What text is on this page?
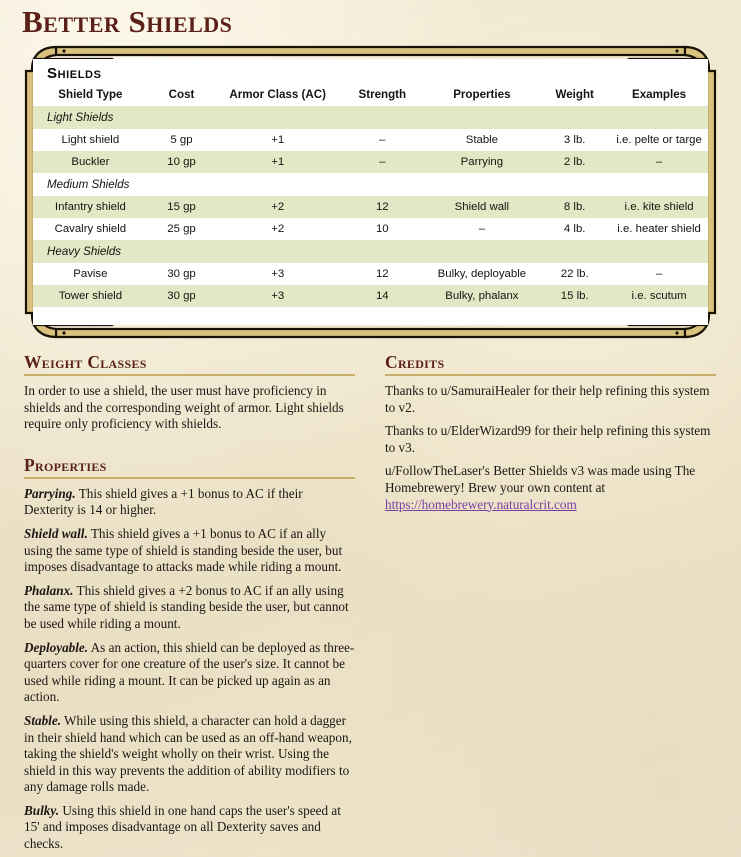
Better Shields
Shields
Shield Type	Cost	Armor Class (AC)	Strength	Properties	Weight	Examples
Light Shields						
Light shield	5 gp	+1	–	Stable	3 lb.	i.e. pelte or targe
Buckler	10 gp	+1	–	Parrying	2 lb.	–
Medium Shields						
Infantry shield	15 gp	+2	12	Shield wall	8 lb.	i.e. kite shield
Cavalry shield	25 gp	+2	10	–	4 lb.	i.e. heater shield
Heavy Shields						
Pavise	30 gp	+3	12	Bulky, deployable	22 lb.	–
Tower shield	30 gp	+3	14	Bulky, phalanx	15 lb.	i.e. scutum
Weight Classes

In order to use a shield, the user must have proficiency in shields and the corresponding weight of armor. Light shields require only proficiency with shields.

Properties

Parrying. This shield gives a +1 bonus to AC if their Dexterity is 14 or higher.

Shield wall. This shield gives a +1 bonus to AC if an ally using the same type of shield is standing beside the user, but imposes disadvantage to attacks made while riding a mount.

Phalanx. This shield gives a +2 bonus to AC if an ally using the same type of shield is standing beside the user, but cannot be used while riding a mount.

Deployable. As an action, this shield can be deployed as three-quarters cover for one creature of the user's size. It cannot be used while riding a mount. It can be picked up again as an action.

Stable. While using this shield, a character can hold a dagger in their shield hand which can be used as an off-hand weapon, taking the shield's weight wholly on their wrist. Using the shield in this way prevents the addition of ability modifiers to any damage rolls made.

Bulky. Using this shield in one hand caps the user's speed at 15' and imposes disadvantage on all Dexterity saves and checks.

Credits

Thanks to u/SamuraiHealer for their help refining this system to v2.

Thanks to u/ElderWizard99 for their help refining this system to v3.

u/FollowTheLaser's Better Shields v3 was made using The Homebrewery! Brew your own content at https://homebrewery.naturalcrit.com
